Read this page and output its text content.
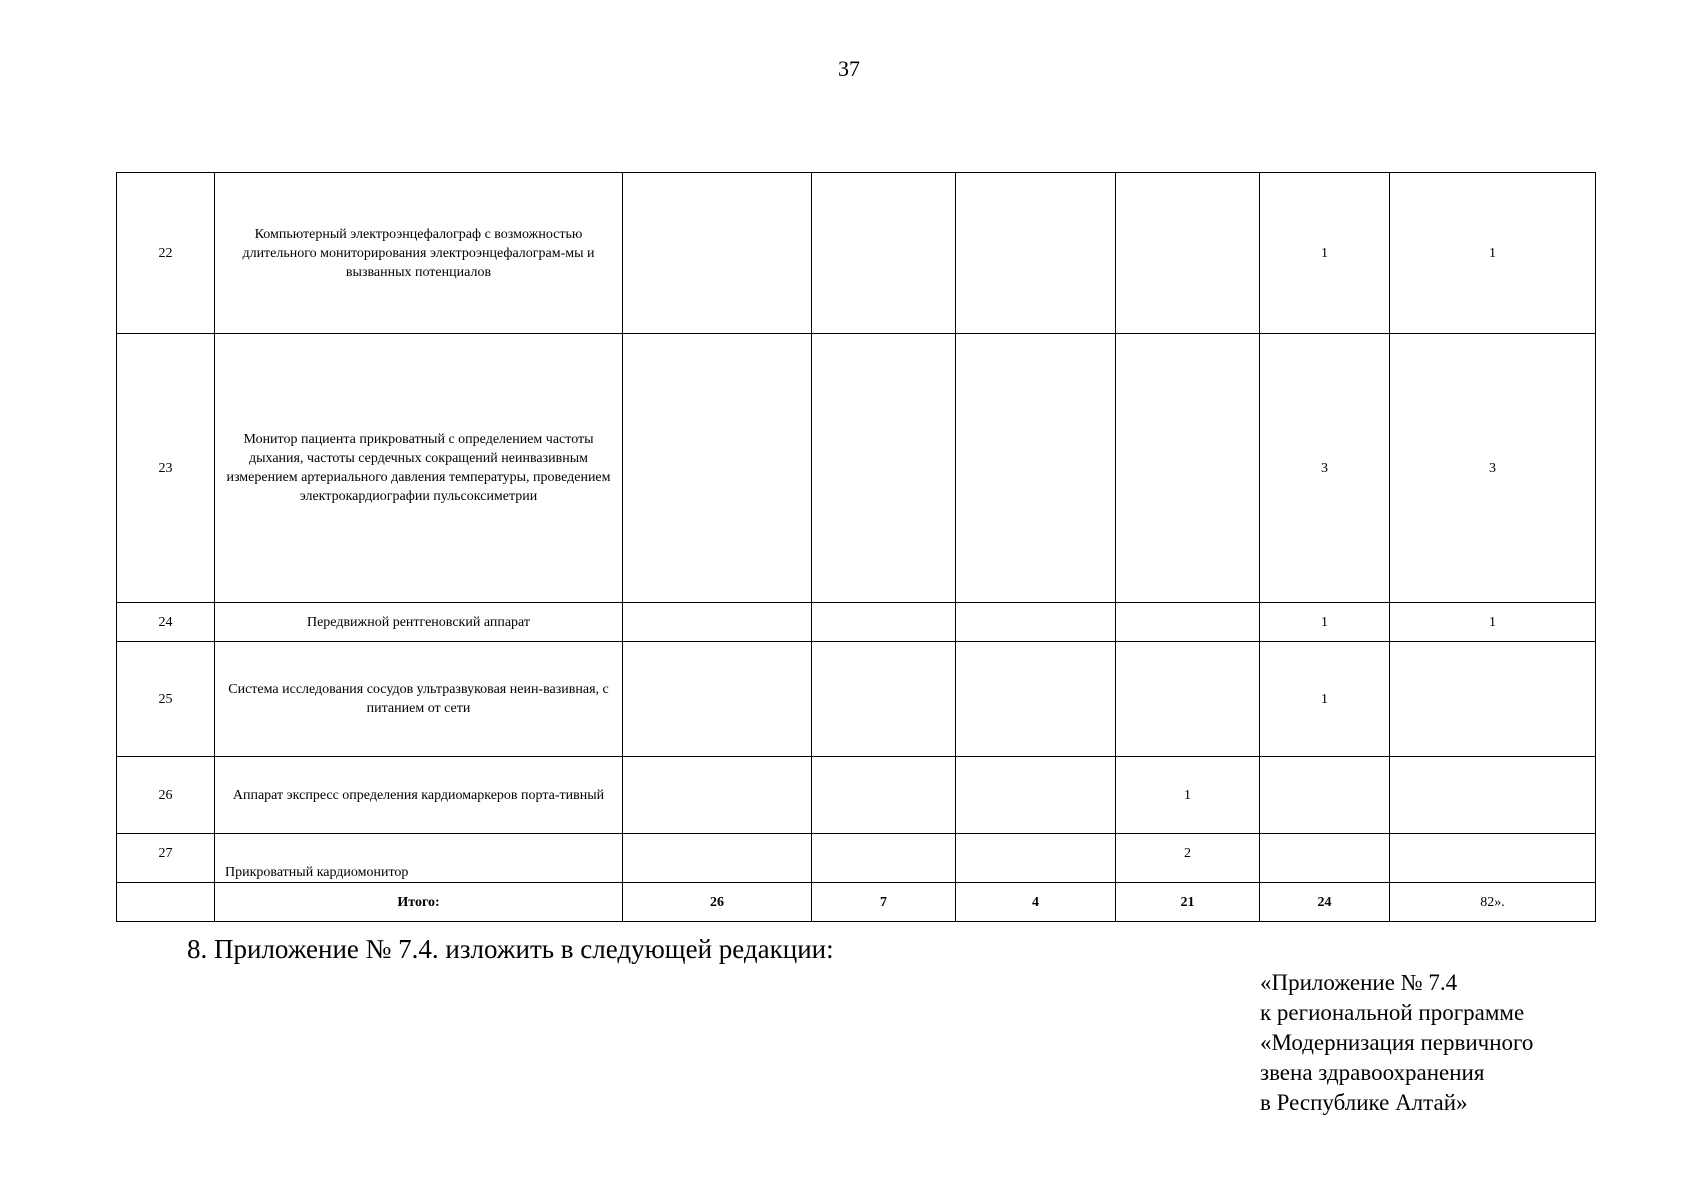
37
22	Компьютерный электроэнцефалограф с возможностью длительного мониторирования электроэнцефалограм-мы и вызванных потенциалов					1	1
23	Монитор пациента прикроватный с определением частоты дыхания, частоты сердечных сокращений неинвазивным измерением артериального давления температуры, проведением электрокардиографии пульсоксиметрии					3	3
24	Передвижной рентгеновский аппарат					1	1
25	Система исследования сосудов ультразвуковая неин-вазивная, с питанием от сети					1	
26	Аппарат экспресс определения кардиомаркеров порта-тивный				1		
27	Прикроватный кардиомонитор				2		
	Итого:	26	7	4	21	24	82».
8. Приложение № 7.4. изложить в следующей редакции:
«Приложение № 7.4
к региональной программе
«Модернизация первичного
звена здравоохранения
в Республике Алтай»
